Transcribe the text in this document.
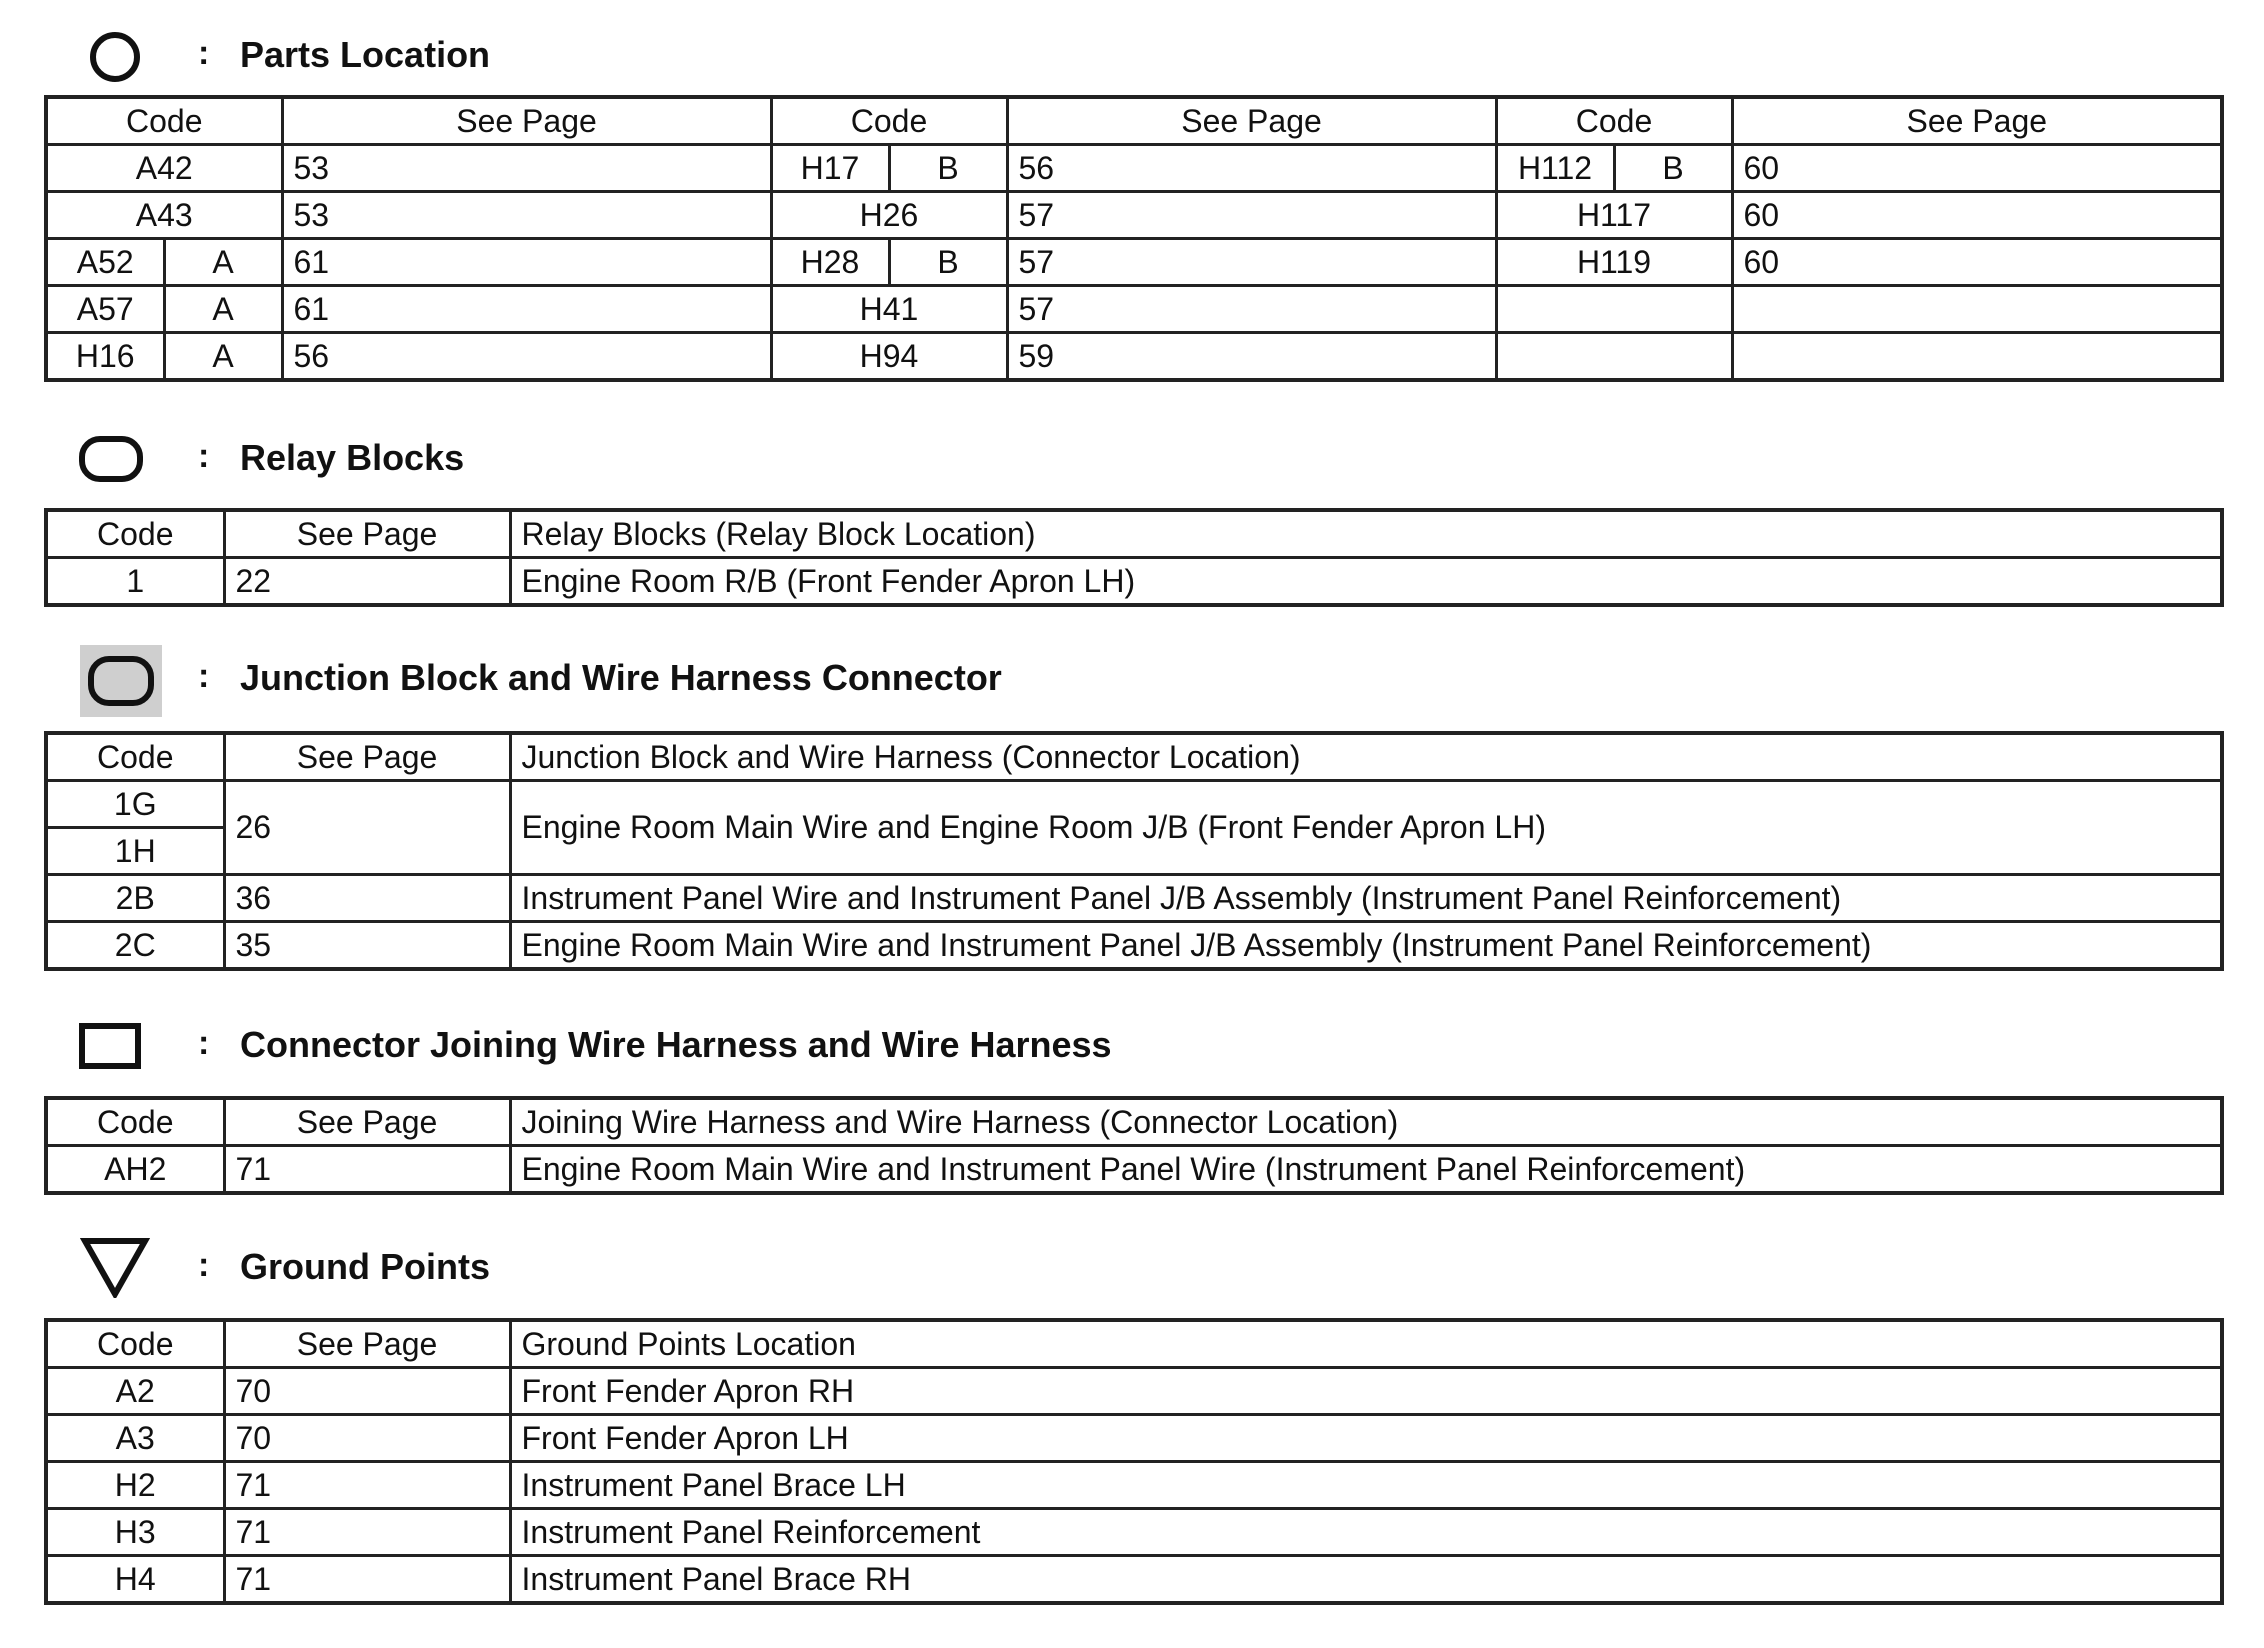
: Parts Location
Code		See Page	Code		See Page	Code		See Page
A42		53	H17	B	56	H112	B	60
A43		53	H26		57	H117		60
A52	A	61	H28	B	57	H119		60
A57	A	61	H41		57			
H16	A	56	H94		59			
: Relay Blocks
Code	See Page	Relay Blocks (Relay Block Location)
1	22	Engine Room R/B (Front Fender Apron LH)
: Junction Block and Wire Harness Connector
Code	See Page	Junction Block and Wire Harness (Connector Location)
1G	26	Engine Room Main Wire and Engine Room J/B (Front Fender Apron LH)
1H		
2B	36	Instrument Panel Wire and Instrument Panel J/B Assembly (Instrument Panel Reinforcement)
2C	35	Engine Room Main Wire and Instrument Panel J/B Assembly (Instrument Panel Reinforcement)
: Connector Joining Wire Harness and Wire Harness
Code	See Page	Joining Wire Harness and Wire Harness (Connector Location)
AH2	71	Engine Room Main Wire and Instrument Panel Wire (Instrument Panel Reinforcement)
: Ground Points
Code	See Page	Ground Points Location
A2	70	Front Fender Apron RH
A3	70	Front Fender Apron LH
H2	71	Instrument Panel Brace LH
H3	71	Instrument Panel Reinforcement
H4	71	Instrument Panel Brace RH
